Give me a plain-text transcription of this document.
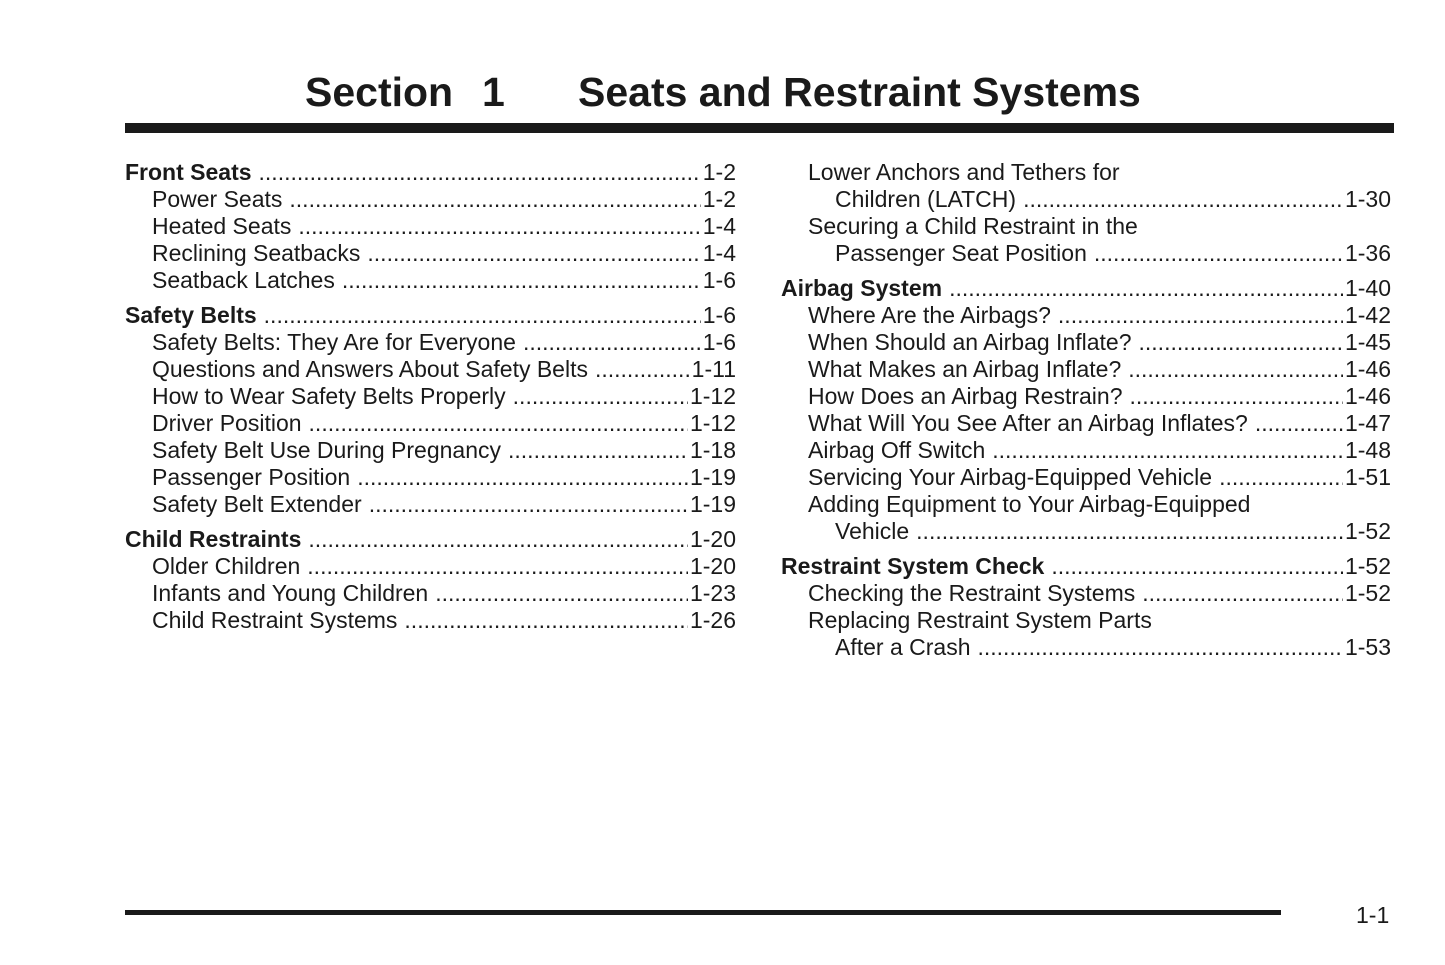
Section 1 Seats and Restraint Systems
Front Seats .....	1-2
Power Seats .....	1-2
Heated Seats .....	1-4
Reclining Seatbacks .....	1-4
Seatback Latches .....	1-6
Safety Belts .....	1-6
Safety Belts: They Are for Everyone .....	1-6
Questions and Answers About Safety Belts .....	1-11
How to Wear Safety Belts Properly .....	1-12
Driver Position .....	1-12
Safety Belt Use During Pregnancy .....	1-18
Passenger Position .....	1-19
Safety Belt Extender .....	1-19
Child Restraints .....	1-20
Older Children .....	1-20
Infants and Young Children .....	1-23
Child Restraint Systems .....	1-26
Lower Anchors and Tethers for
Children (LATCH) .....	1-30
Securing a Child Restraint in the
Passenger Seat Position .....	1-36
Airbag System .....	1-40
Where Are the Airbags? .....	1-42
When Should an Airbag Inflate? .....	1-45
What Makes an Airbag Inflate? .....	1-46
How Does an Airbag Restrain? .....	1-46
What Will You See After an Airbag Inflates? .....	1-47
Airbag Off Switch .....	1-48
Servicing Your Airbag-Equipped Vehicle .....	1-51
Adding Equipment to Your Airbag-Equipped
Vehicle .....	1-52
Restraint System Check .....	1-52
Checking the Restraint Systems .....	1-52
Replacing Restraint System Parts
After a Crash .....	1-53
1-1
